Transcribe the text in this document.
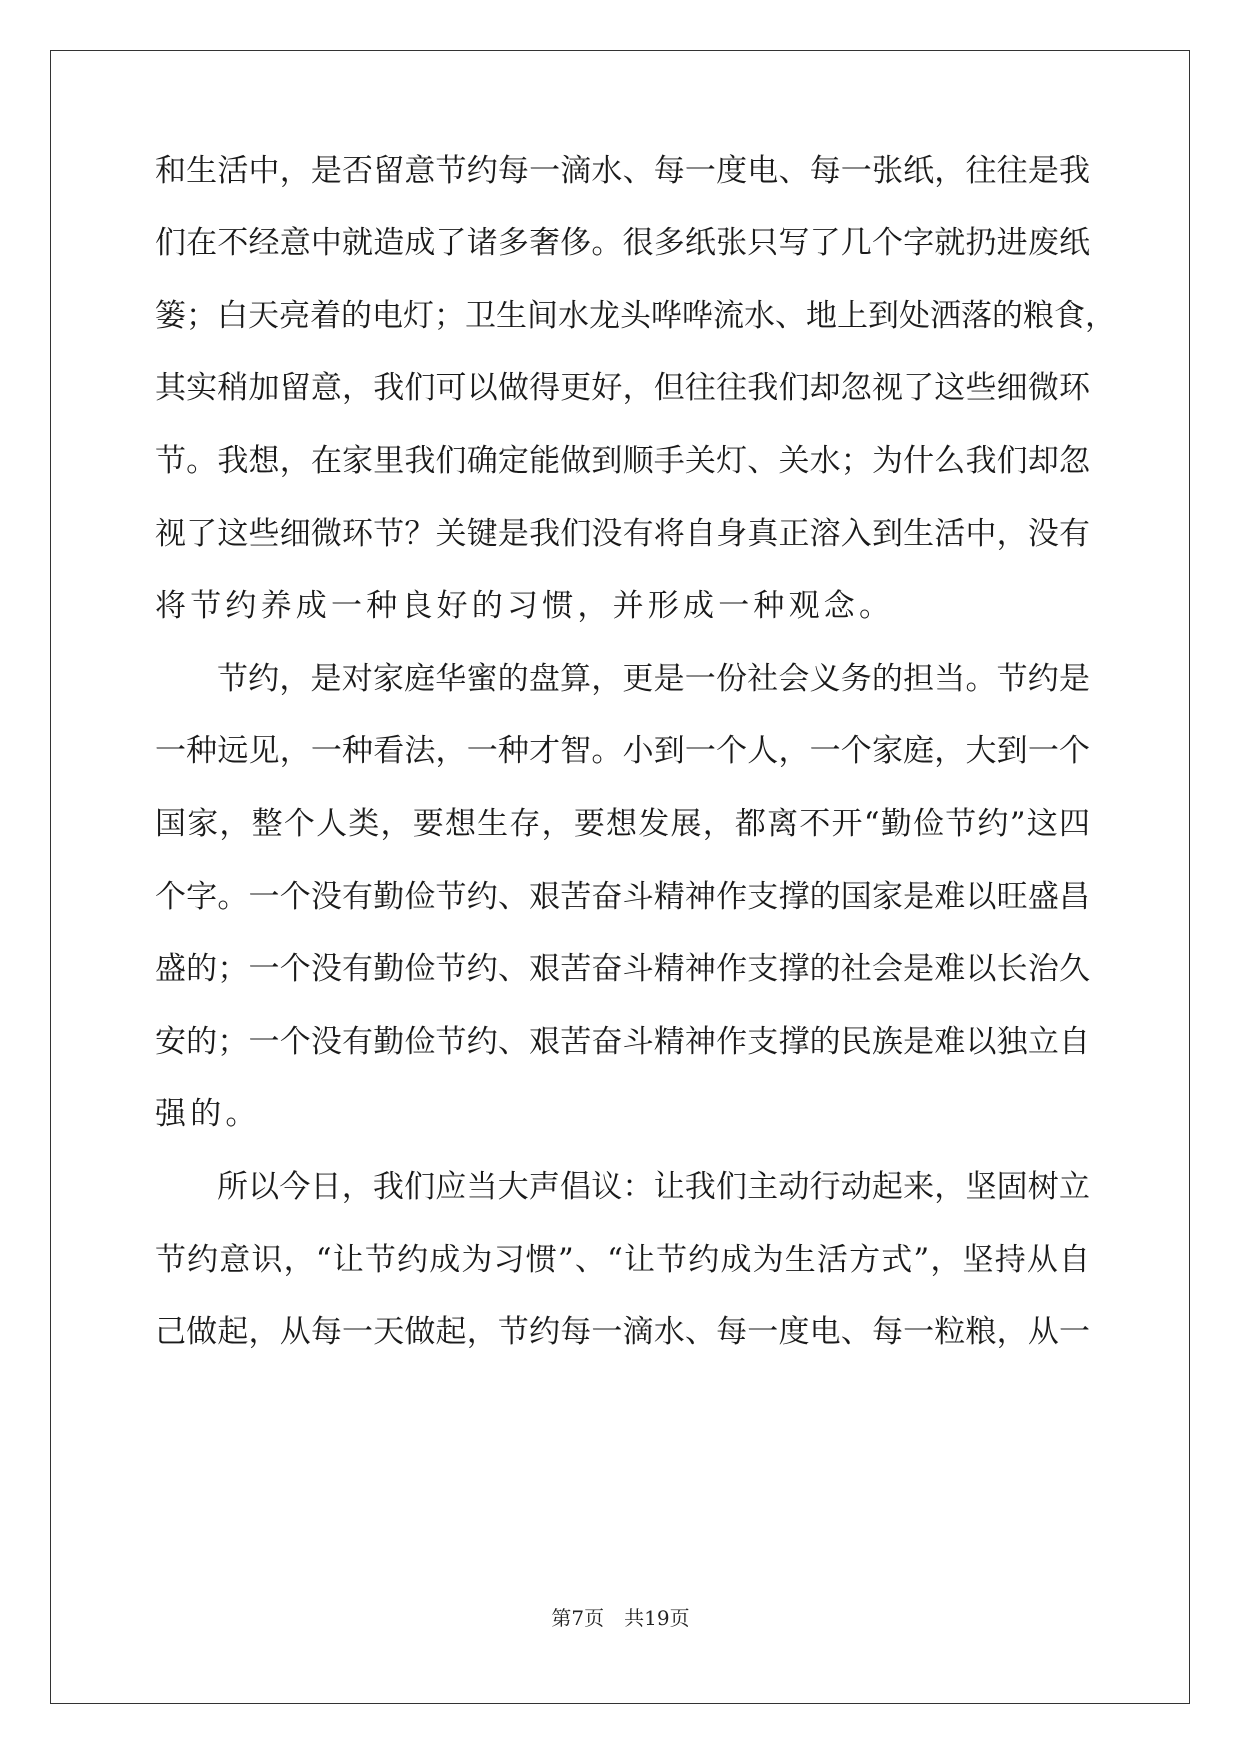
和生活中，是否留意节约每一滴水、每一度电、每一张纸，往往是我
们在不经意中就造成了诸多奢侈。很多纸张只写了几个字就扔进废纸
篓；白天亮着的电灯；卫生间水龙头哗哗流水、地上到处洒落的粮食，
其实稍加留意，我们可以做得更好，但往往我们却忽视了这些细微环
节。我想，在家里我们确定能做到顺手关灯、关水；为什么我们却忽
视了这些细微环节？关键是我们没有将自身真正溶入到生活中，没有
将节约养成一种良好的习惯，并形成一种观念。
节约，是对家庭华蜜的盘算，更是一份社会义务的担当。节约是
一种远见，一种看法，一种才智。小到一个人，一个家庭，大到一个
国家，整个人类，要想生存，要想发展，都离不开“勤俭节约”这四
个字。一个没有勤俭节约、艰苦奋斗精神作支撑的国家是难以旺盛昌
盛的；一个没有勤俭节约、艰苦奋斗精神作支撑的社会是难以长治久
安的；一个没有勤俭节约、艰苦奋斗精神作支撑的民族是难以独立自
强的。
所以今日，我们应当大声倡议：让我们主动行动起来，坚固树立
节约意识，“让节约成为习惯”、“让节约成为生活方式”，坚持从自
己做起，从每一天做起，节约每一滴水、每一度电、每一粒粮，从一
第7页　共19页
